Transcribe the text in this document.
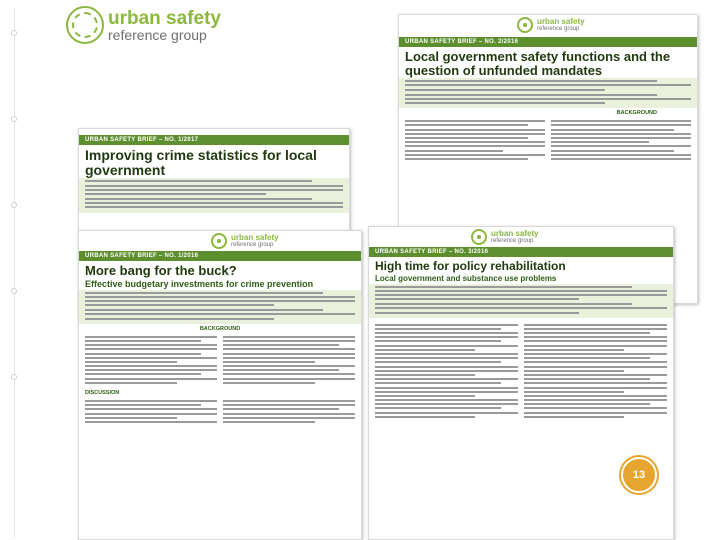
urban safety
reference group
urban safety
reference group
URBAN SAFETY BRIEF – NO. 2/2016
Local government safety functions and the question of unfunded mandates
BACKGROUND
URBAN SAFETY BRIEF – NO. 1/2017
Improving crime statistics for local government
urban safety
reference group
URBAN SAFETY BRIEF – NO. 1/2016
More bang for the buck?
Effective budgetary investments for crime prevention
BACKGROUND
DISCUSSION
urban safety
reference group
URBAN SAFETY BRIEF – NO. 3/2016
High time for policy rehabilitation
Local government and substance use problems
13
